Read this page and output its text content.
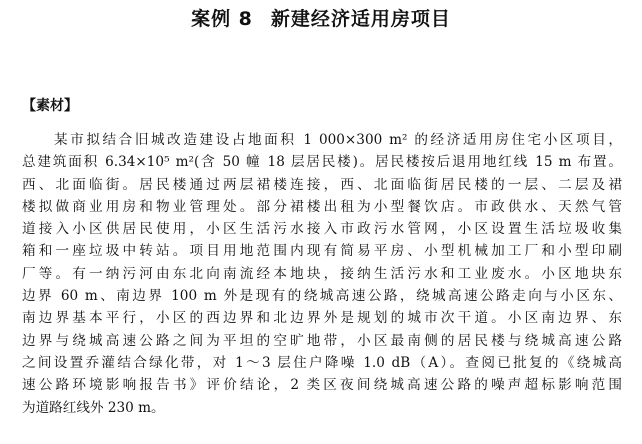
案例 8 新建经济适用房项目
【素材】
某市拟结合旧城改造建设占地面积 1 000×300 m² 的经济适用房住宅小区项目，
总建筑面积 6.34×10⁵ m²(含 50 幢 18 层居民楼)。居民楼按后退用地红线 15 m 布置。
西、北面临街。居民楼通过两层裙楼连接，西、北面临街居民楼的一层、二层及裙
楼拟做商业用房和物业管理处。部分裙楼出租为小型餐饮店。市政供水、天然气管
道接入小区供居民使用，小区生活污水接入市政污水管网，小区设置生活垃圾收集
箱和一座垃圾中转站。项目用地范围内现有简易平房、小型机械加工厂和小型印刷
厂等。有一纳污河由东北向南流经本地块，接纳生活污水和工业废水。小区地块东
边界 60 m、南边界 100 m 外是现有的绕城高速公路，绕城高速公路走向与小区东、
南边界基本平行，小区的西边界和北边界外是规划的城市次干道。小区南边界、东
边界与绕城高速公路之间为平坦的空旷地带，小区最南侧的居民楼与绕城高速公路
之间设置乔灌结合绿化带，对 1～3 层住户降噪 1.0 dB（A）。查阅已批复的《绕城高
速公路环境影响报告书》评价结论，2 类区夜间绕城高速公路的噪声超标影响范围
为道路红线外 230 m。
